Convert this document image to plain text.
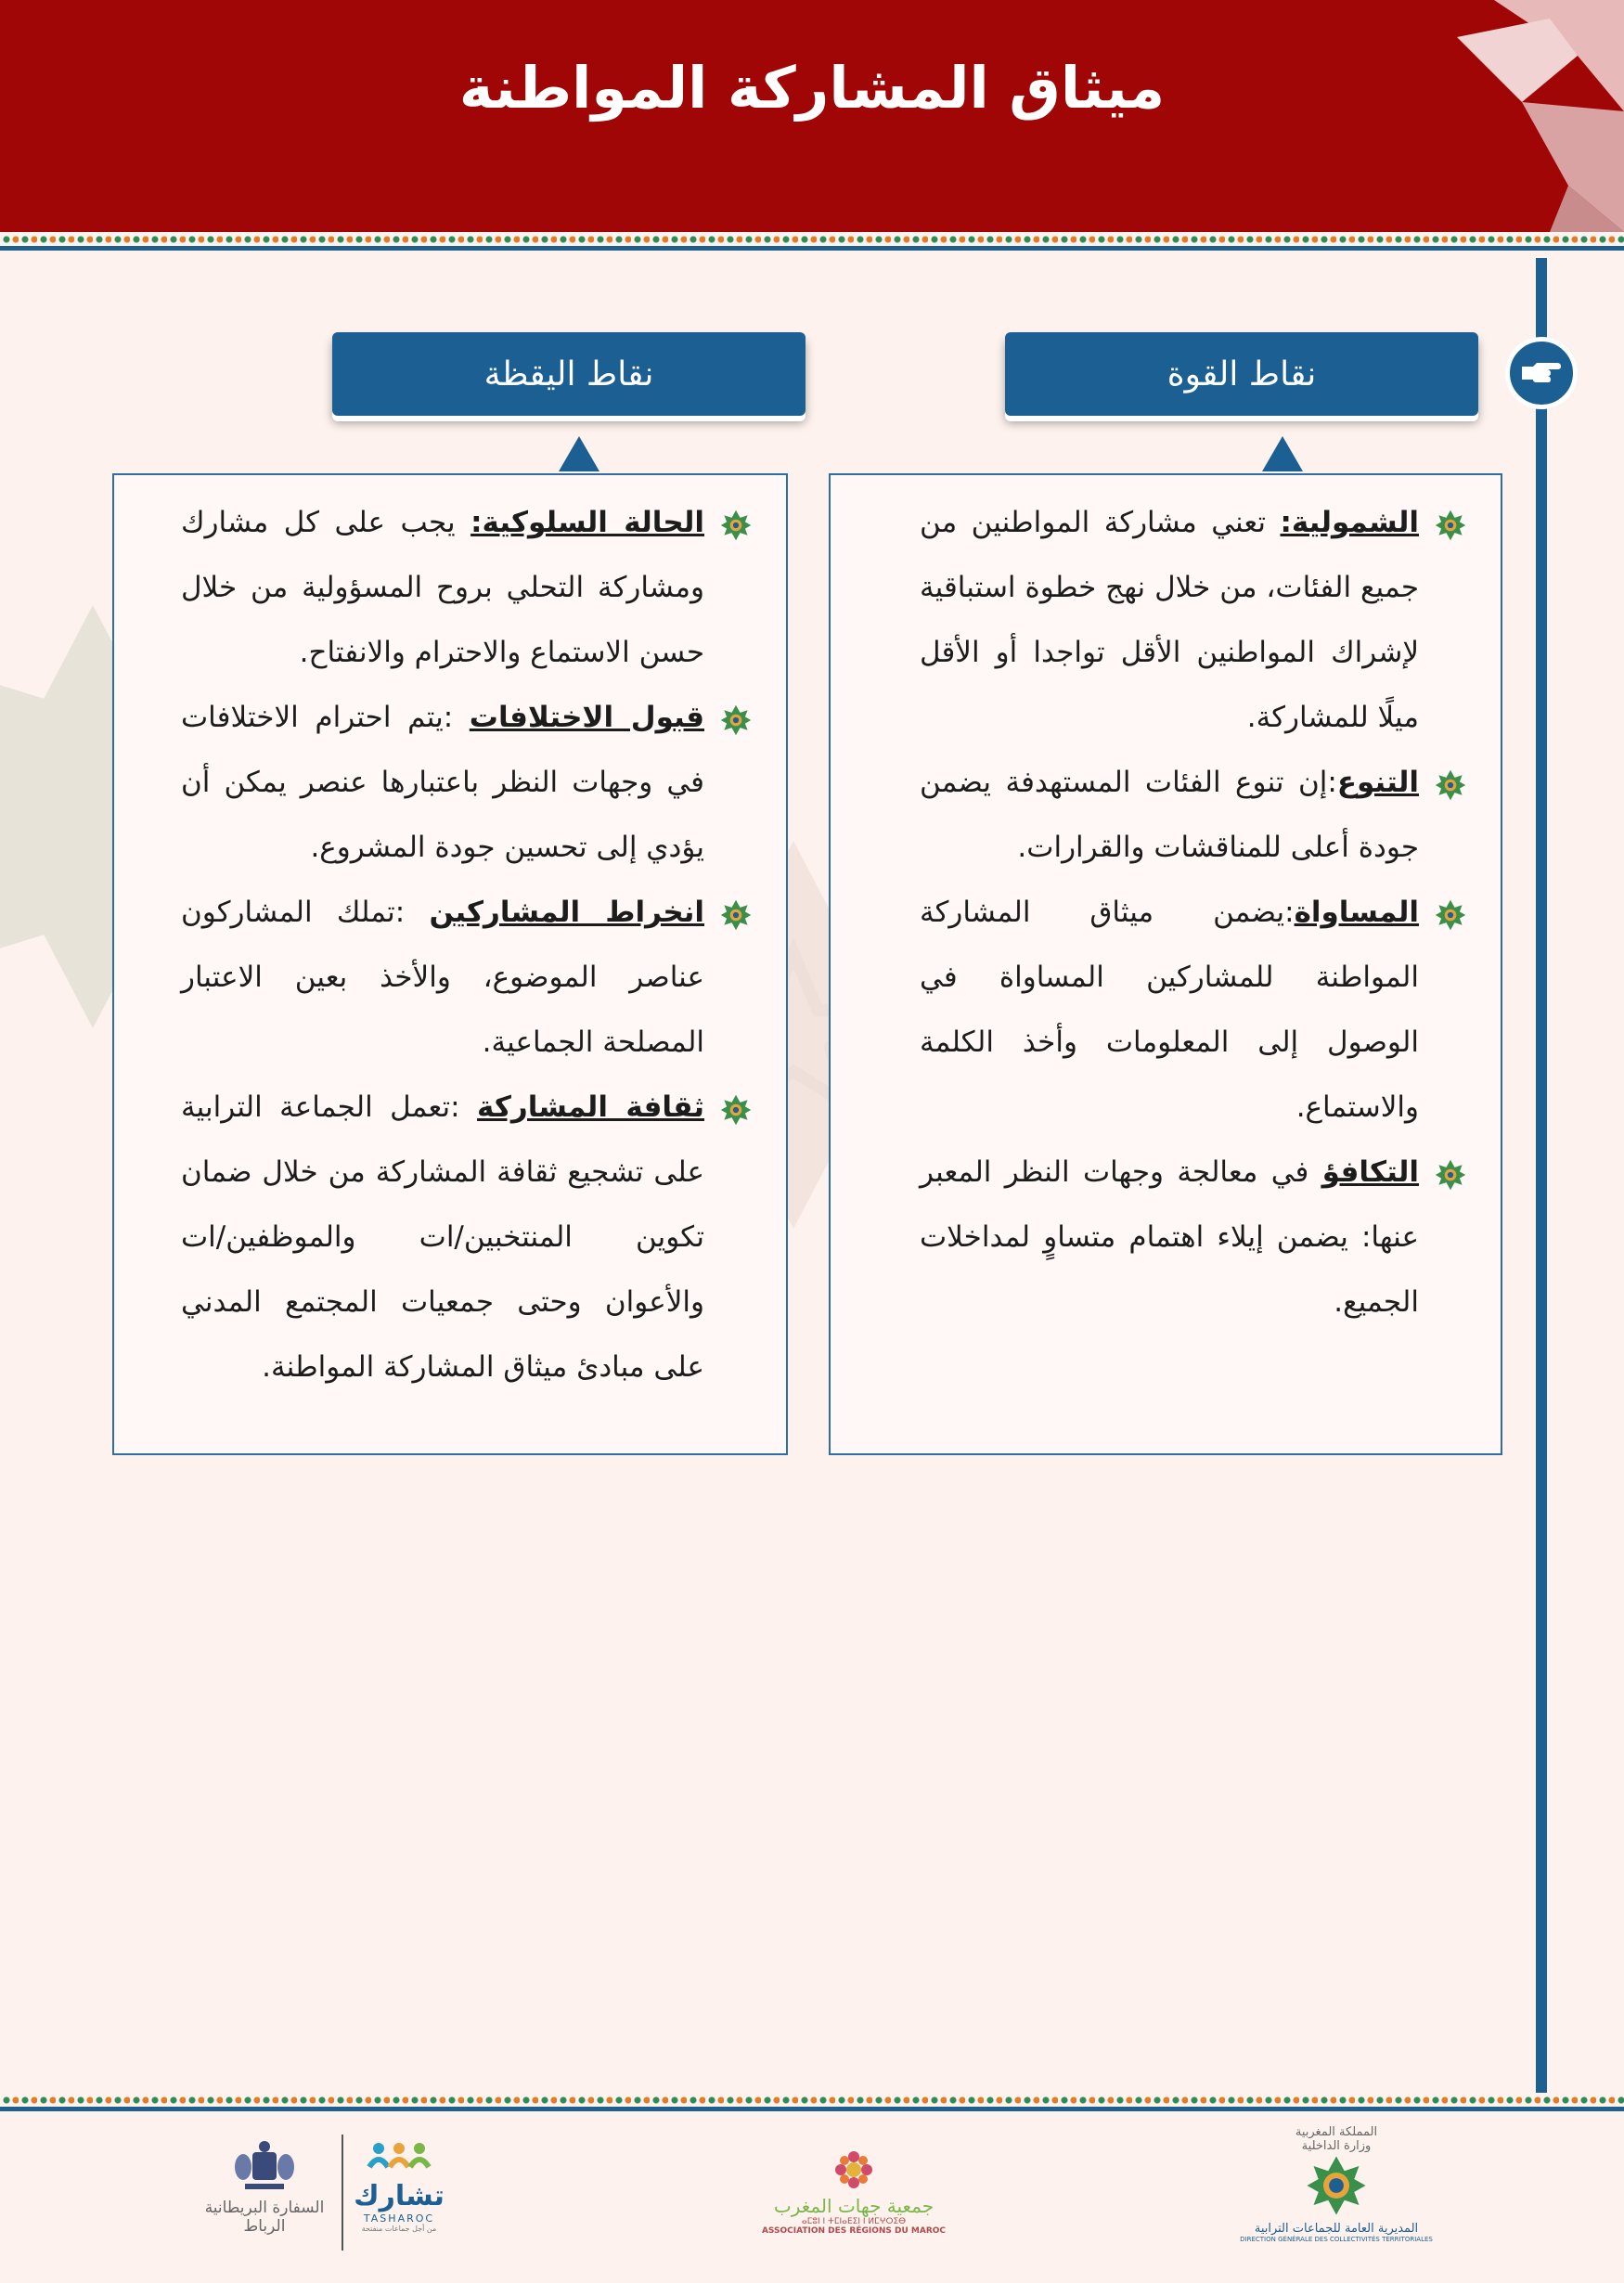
ميثاق المشاركة المواطنة
نقاط القوة
نقاط اليقظة
الشمولية: تعني مشاركة المواطنين من جميع الفئات، من خلال نهج خطوة استباقية لإشراك المواطنين الأقل تواجدا أو الأقل ميلًا للمشاركة.
التنوع:إن تنوع الفئات المستهدفة يضمن جودة أعلى للمناقشات والقرارات.
المساواة:يضمن ميثاق المشاركة المواطنة للمشاركين المساواة في الوصول إلى المعلومات وأخذ الكلمة والاستماع.
التكافؤ في معالجة وجهات النظر المعبر عنها: يضمن إيلاء اهتمام متساوٍ لمداخلات الجميع.
الحالة السلوكية: يجب على كل مشارك ومشاركة التحلي بروح المسؤولية من خلال حسن الاستماع والاحترام والانفتاح.
قبول الاختلافات :يتم احترام الاختلافات في وجهات النظر باعتبارها عنصر يمكن أن يؤدي إلى تحسين جودة المشروع.
انخراط المشاركين :تملك المشاركون عناصر الموضوع، والأخذ بعين الاعتبار المصلحة الجماعية.
ثقافة المشاركة :تعمل الجماعة الترابية على تشجيع ثقافة المشاركة من خلال ضمان تكوين المنتخبين/ات والموظفين/ات والأعوان وحتى جمعيات المجتمع المدني على مبادئ ميثاق المشاركة المواطنة.
السفارة البريطانية
الرباط
تشارك
TASHAROC
من أجل جماعات منفتحة
جمعية جهات المغرب
ⴰⵎⵓⵏ ⵏ ⵜⵎⵏⴰⴹⵉⵏ ⵏ ⵍⵎⵖⵔⵉⴱ
ASSOCIATION DES RÉGIONS DU MAROC
المملكة المغربية
وزارة الداخلية
المديرية العامة للجماعات الترابية
DIRECTION GÉNÉRALE DES COLLECTIVITÉS TERRITORIALES
